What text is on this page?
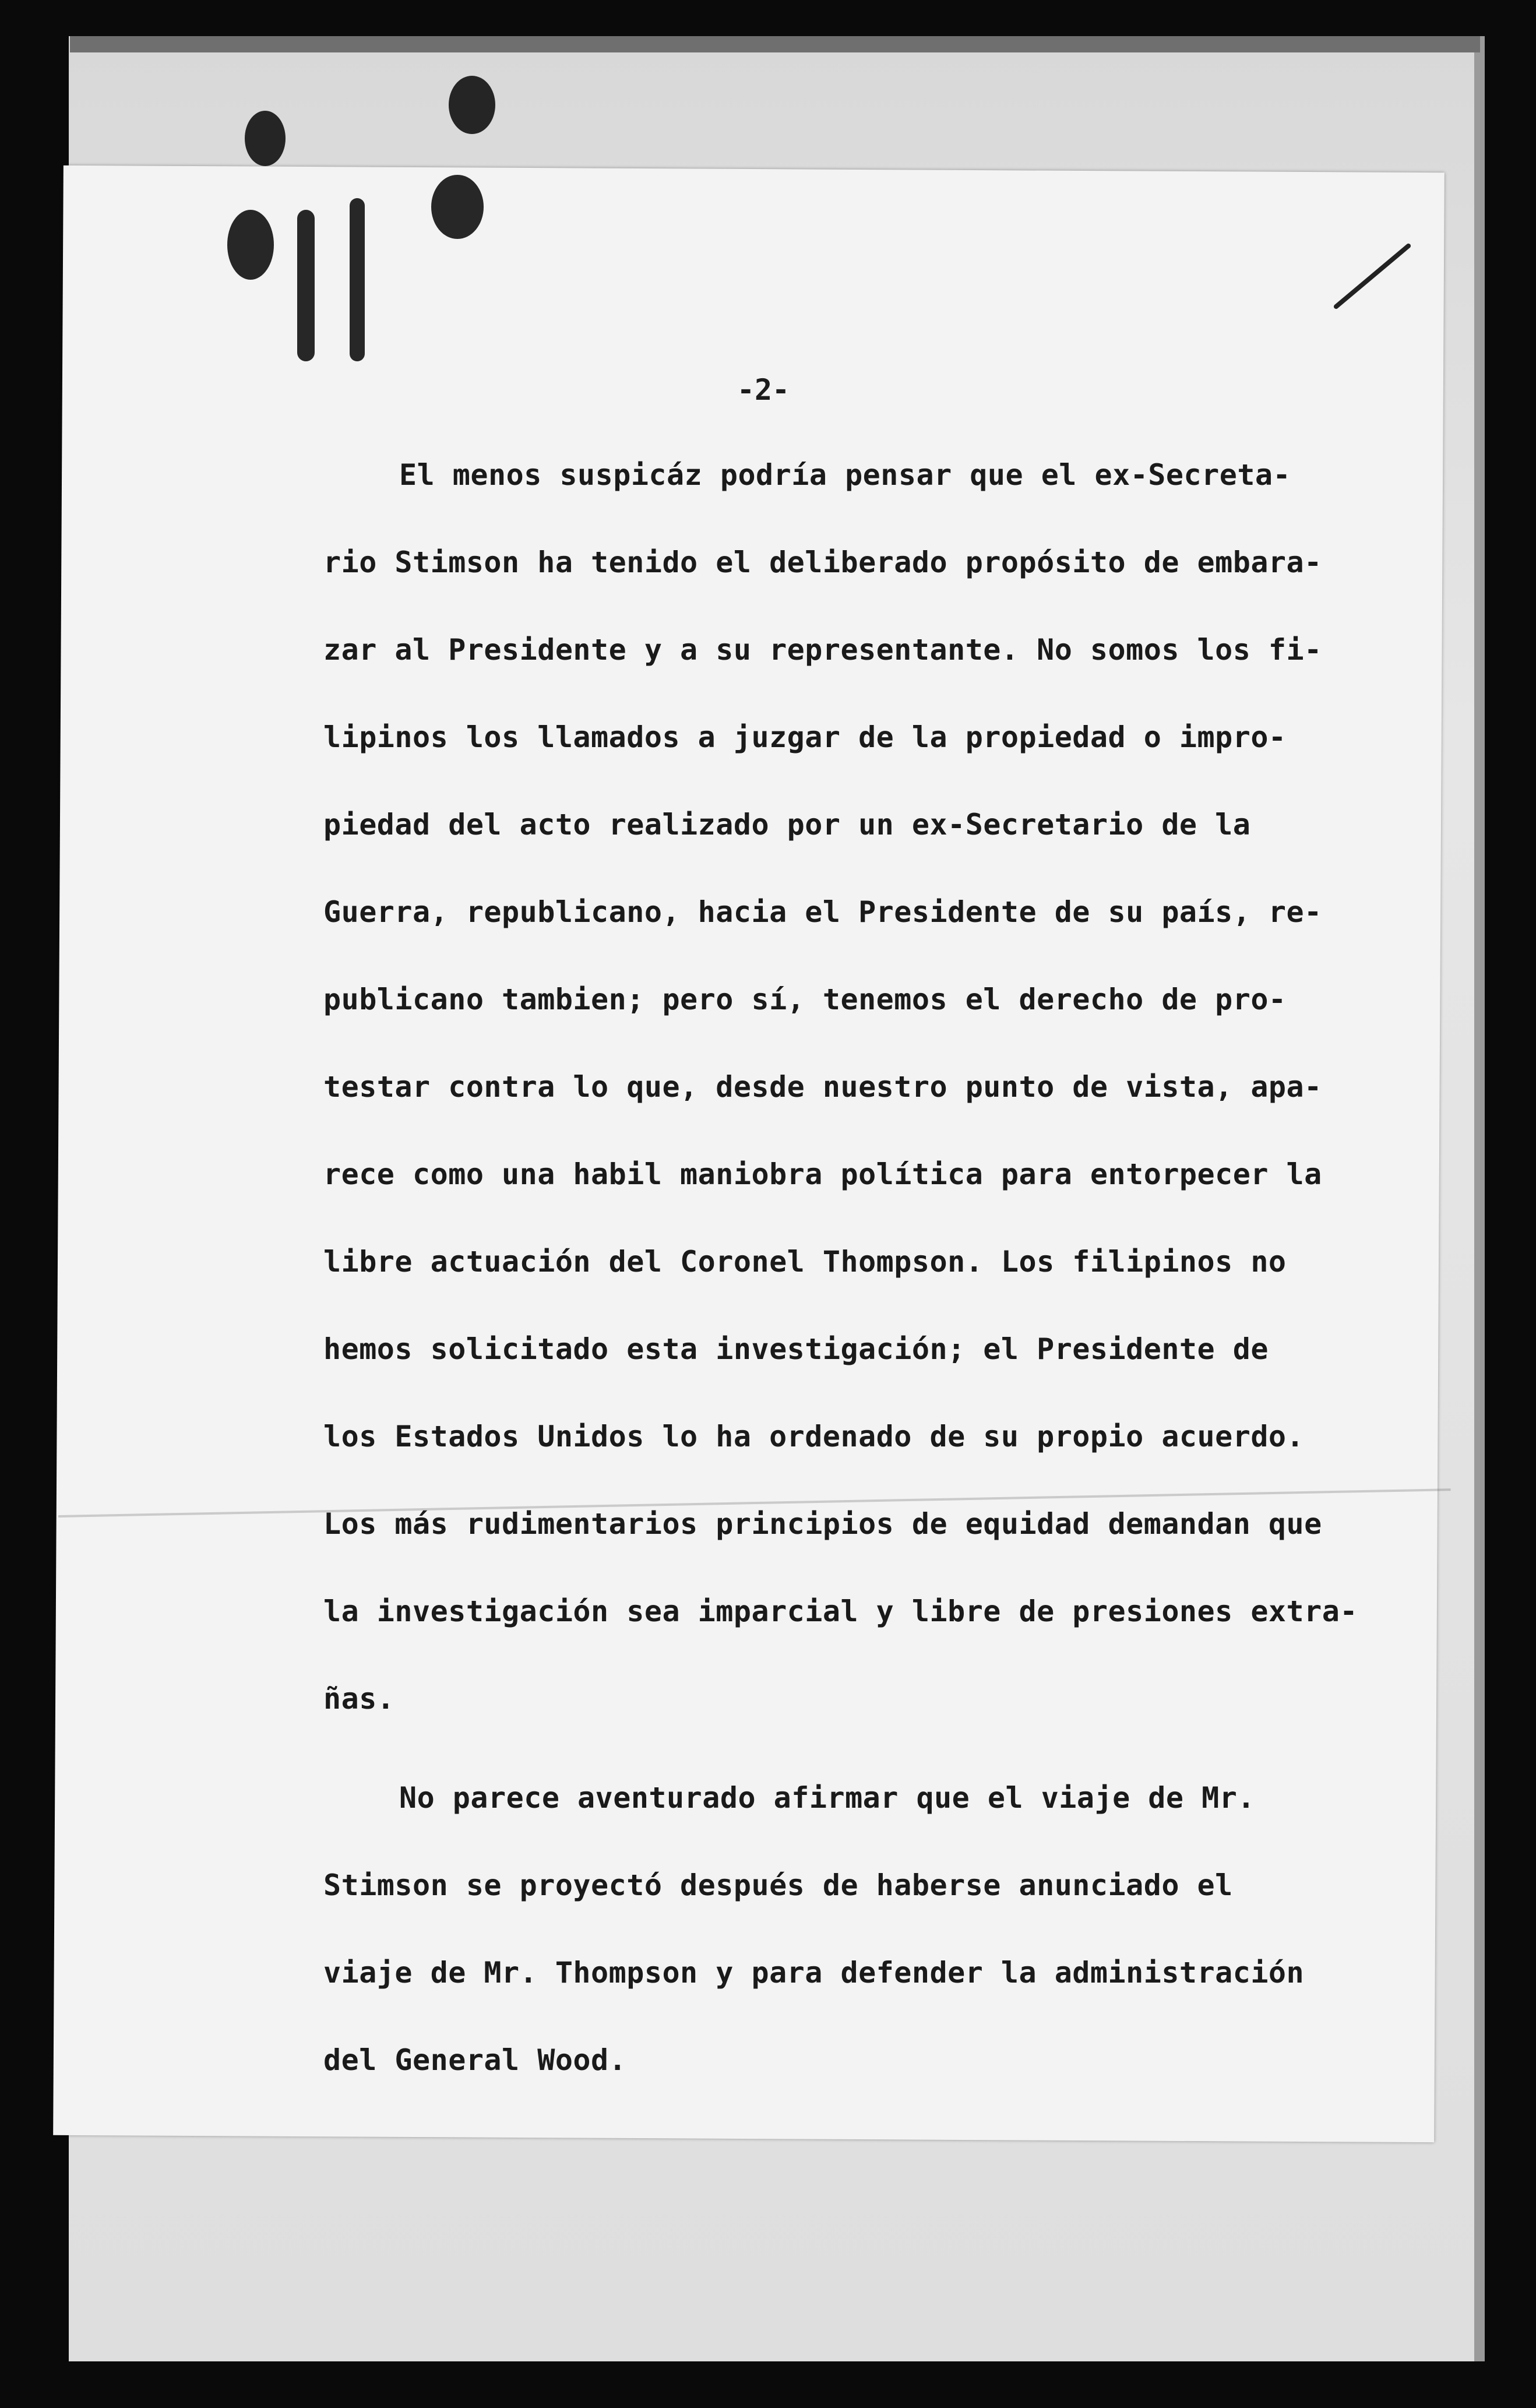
-2-
El menos suspicáz podría pensar que el ex-Secreta-
rio Stimson ha tenido el deliberado propósito de embara-
zar al Presidente y a su representante. No somos los fi-
lipinos los llamados a juzgar de la propiedad o impro-
piedad del acto realizado por un ex-Secretario de la
Guerra, republicano, hacia el Presidente de su país, re-
publicano tambien; pero sí, tenemos el derecho de pro-
testar contra lo que, desde nuestro punto de vista, apa-
rece como una habil maniobra política para entorpecer la
libre actuación del Coronel Thompson. Los filipinos no
hemos solicitado esta investigación; el Presidente de
los Estados Unidos lo ha ordenado de su propio acuerdo.
Los más rudimentarios principios de equidad demandan que
la investigación sea imparcial y libre de presiones extra-
ñas.
No parece aventurado afirmar que el viaje de Mr.
Stimson se proyectó después de haberse anunciado el
viaje de Mr. Thompson y para defender la administración
del General Wood.
